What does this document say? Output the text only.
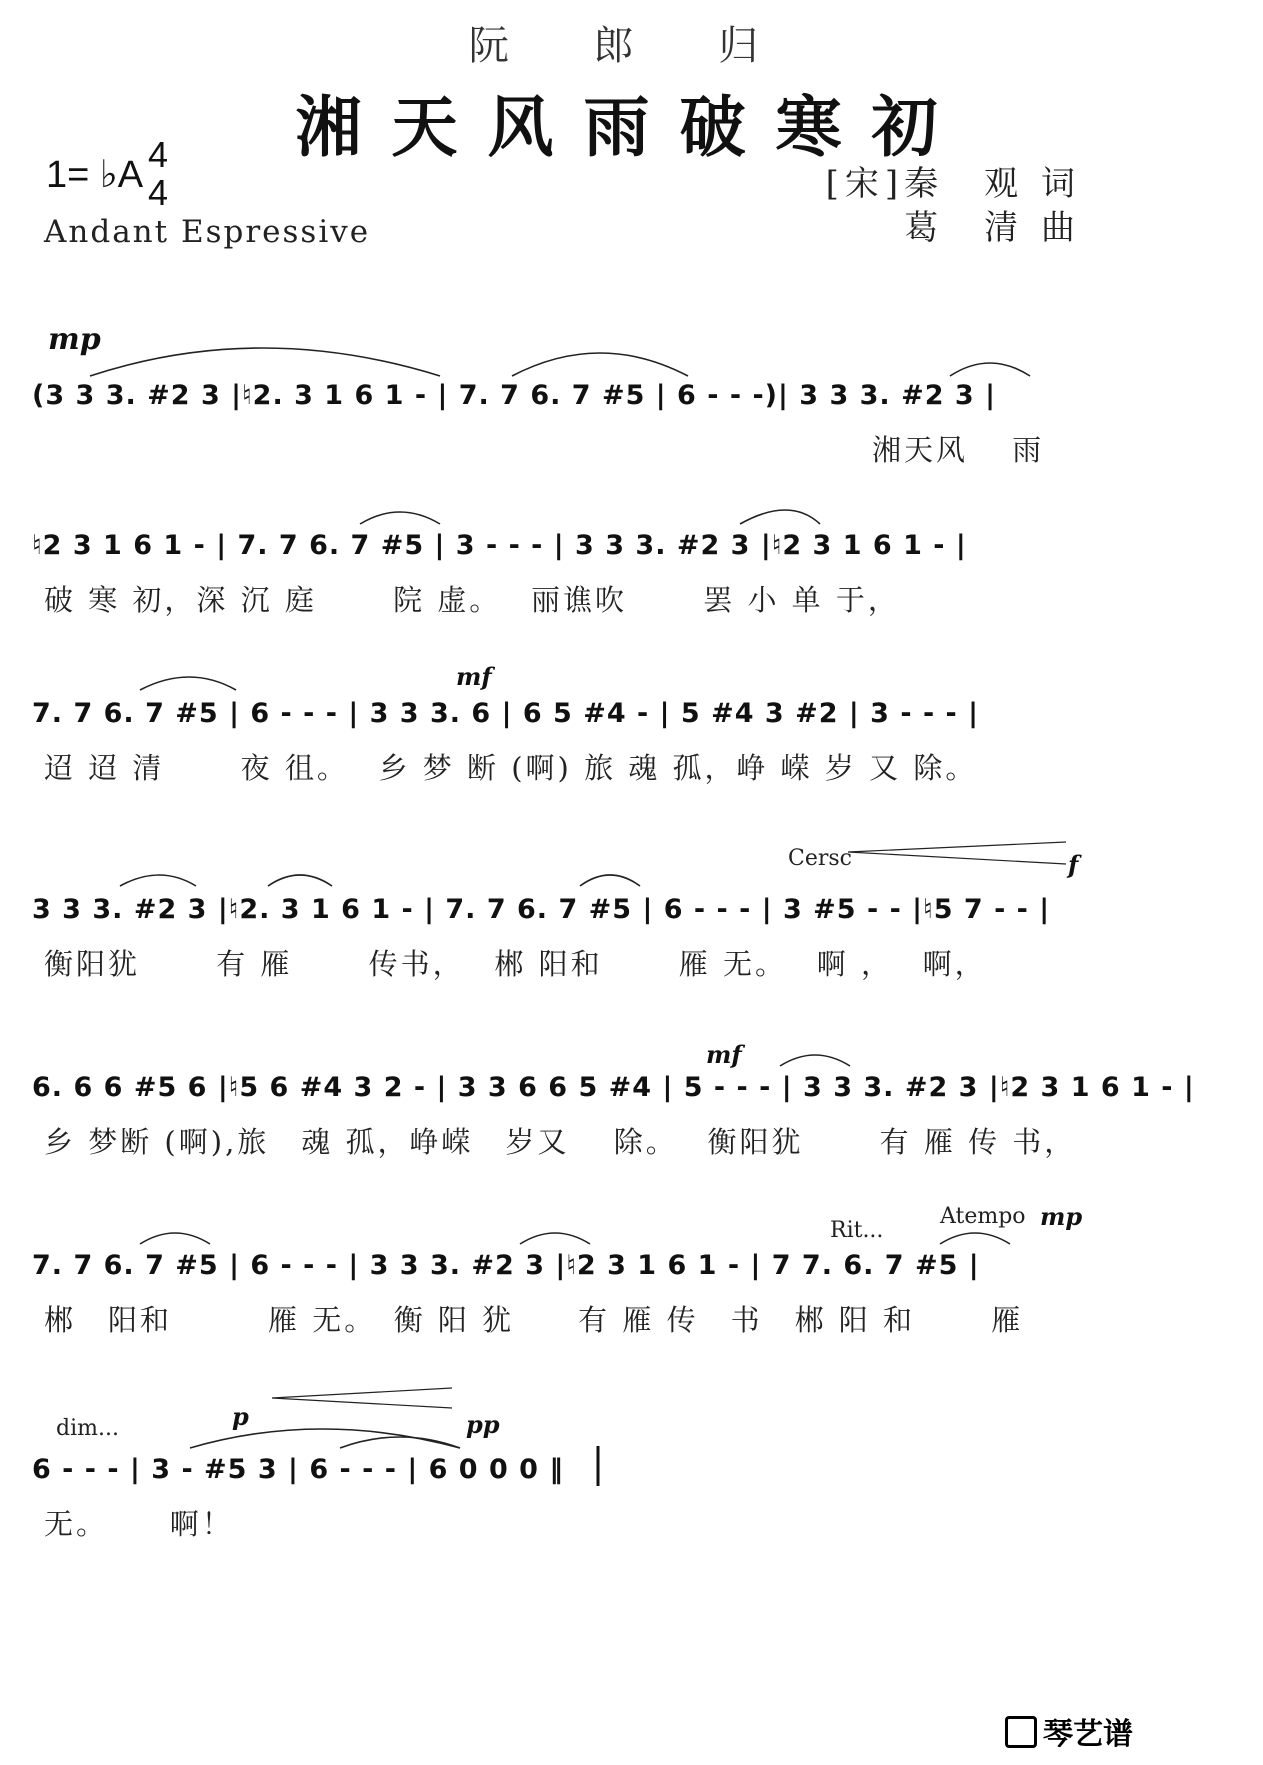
阮 郎 归
湘天风雨破寒初
1= ♭A 4
4
Andant Espressive
[宋]秦　观 词
葛　清 曲
mp
(3 3 3. #2 3 |♮2. 3 1 6 1 - | 7. 7 6. 7 #5 | 6 - - -)| 3 3 3. #2 3 |
湘天风　 雨
♮2 3 1 6 1 - | 7. 7 6. 7 #5 | 3 - - - | 3 3 3. #2 3 |♮2 3 1 6 1 - |
破 寒 初，深 沉 庭　　 院 虚。　 丽谯吹　　 罢 小 单 于，
mf
7. 7 6. 7 #5 | 6 - - - | 3 3 3. 6 | 6 5 #4 - | 5 #4 3 #2 | 3 - - - |
迢 迢 清　　 夜 徂。　 乡 梦 断 (啊) 旅 魂 孤，峥 嵘 岁 又 除。
Cersc	f
3 3 3. #2 3 |♮2. 3 1 6 1 - | 7. 7 6. 7 #5 | 6 - - - | 3 #5 - - |♮5 7 - - |
衡阳犹　　 有 雁　　 传书，　 郴 阳和　　 雁 无。　 啊 ，　 啊，
mf
6. 6 6 #5 6 |♮5 6 #4 3 2 - | 3 3 6 6 5 #4 | 5 - - - | 3 3 3. #2 3 |♮2 3 1 6 1 - |
乡 梦断 (啊),旅　魂 孤，峥嵘　岁又　 除。　 衡阳犹　　 有 雁 传 书，
Rit...
Atempo mp
7. 7 6. 7 #5 | 6 - - - | 3 3 3. #2 3 |♮2 3 1 6 1 - | 7 7. 6. 7 #5 |
郴　阳和　　　雁 无。　衡 阳 犹　　有 雁 传　书　郴 阳 和　　 雁
dim...	p	pp
6 - - - | 3 - #5 3 | 6 - - - | 6 0 0 0 ‖
无。　　 啊！
琴艺谱
